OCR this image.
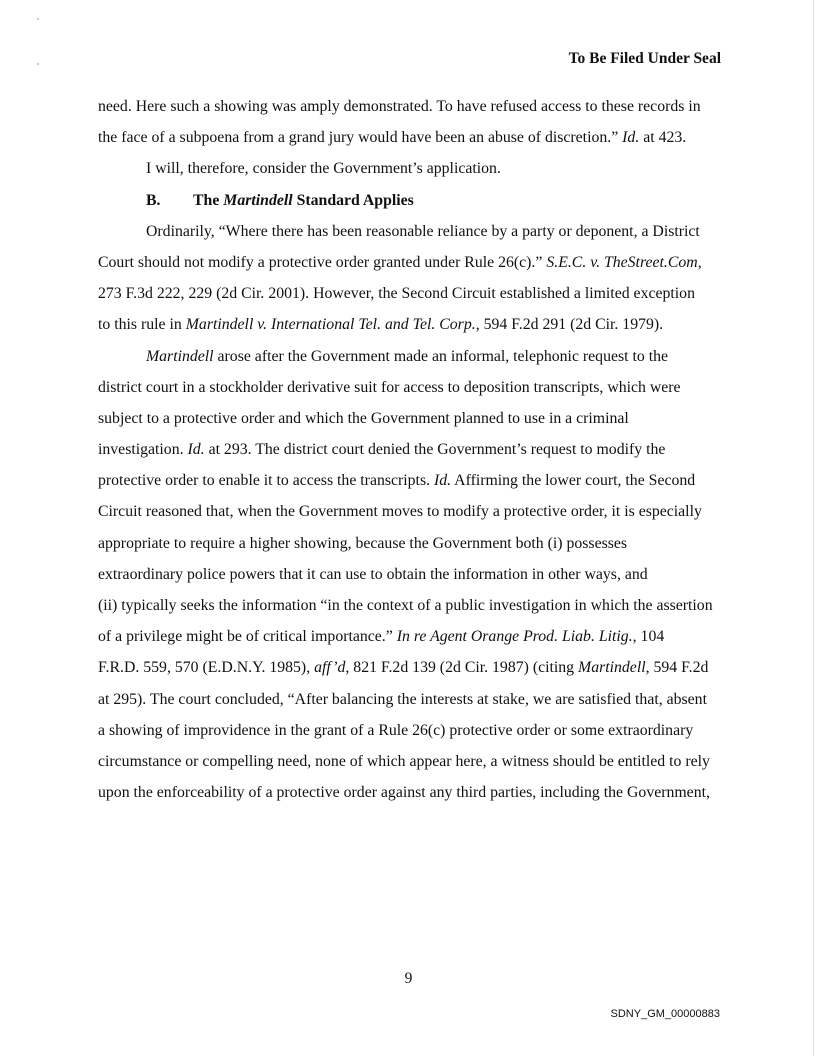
To Be Filed Under Seal
need. Here such a showing was amply demonstrated. To have refused access to these records in
the face of a subpoena from a grand jury would have been an abuse of discretion.” Id. at 423.
I will, therefore, consider the Government’s application.
B. The Martindell Standard Applies
Ordinarily, “Where there has been reasonable reliance by a party or deponent, a District
Court should not modify a protective order granted under Rule 26(c).” S.E.C. v. TheStreet.Com,
273 F.3d 222, 229 (2d Cir. 2001). However, the Second Circuit established a limited exception
to this rule in Martindell v. International Tel. and Tel. Corp., 594 F.2d 291 (2d Cir. 1979).
Martindell arose after the Government made an informal, telephonic request to the
district court in a stockholder derivative suit for access to deposition transcripts, which were
subject to a protective order and which the Government planned to use in a criminal
investigation. Id. at 293. The district court denied the Government’s request to modify the
protective order to enable it to access the transcripts. Id. Affirming the lower court, the Second
Circuit reasoned that, when the Government moves to modify a protective order, it is especially
appropriate to require a higher showing, because the Government both (i) possesses
extraordinary police powers that it can use to obtain the information in other ways, and
(ii) typically seeks the information “in the context of a public investigation in which the assertion
of a privilege might be of critical importance.” In re Agent Orange Prod. Liab. Litig., 104
F.R.D. 559, 570 (E.D.N.Y. 1985), aff’d, 821 F.2d 139 (2d Cir. 1987) (citing Martindell, 594 F.2d
at 295). The court concluded, “After balancing the interests at stake, we are satisfied that, absent
a showing of improvidence in the grant of a Rule 26(c) protective order or some extraordinary
circumstance or compelling need, none of which appear here, a witness should be entitled to rely
upon the enforceability of a protective order against any third parties, including the Government,
9
SDNY_GM_00000883
